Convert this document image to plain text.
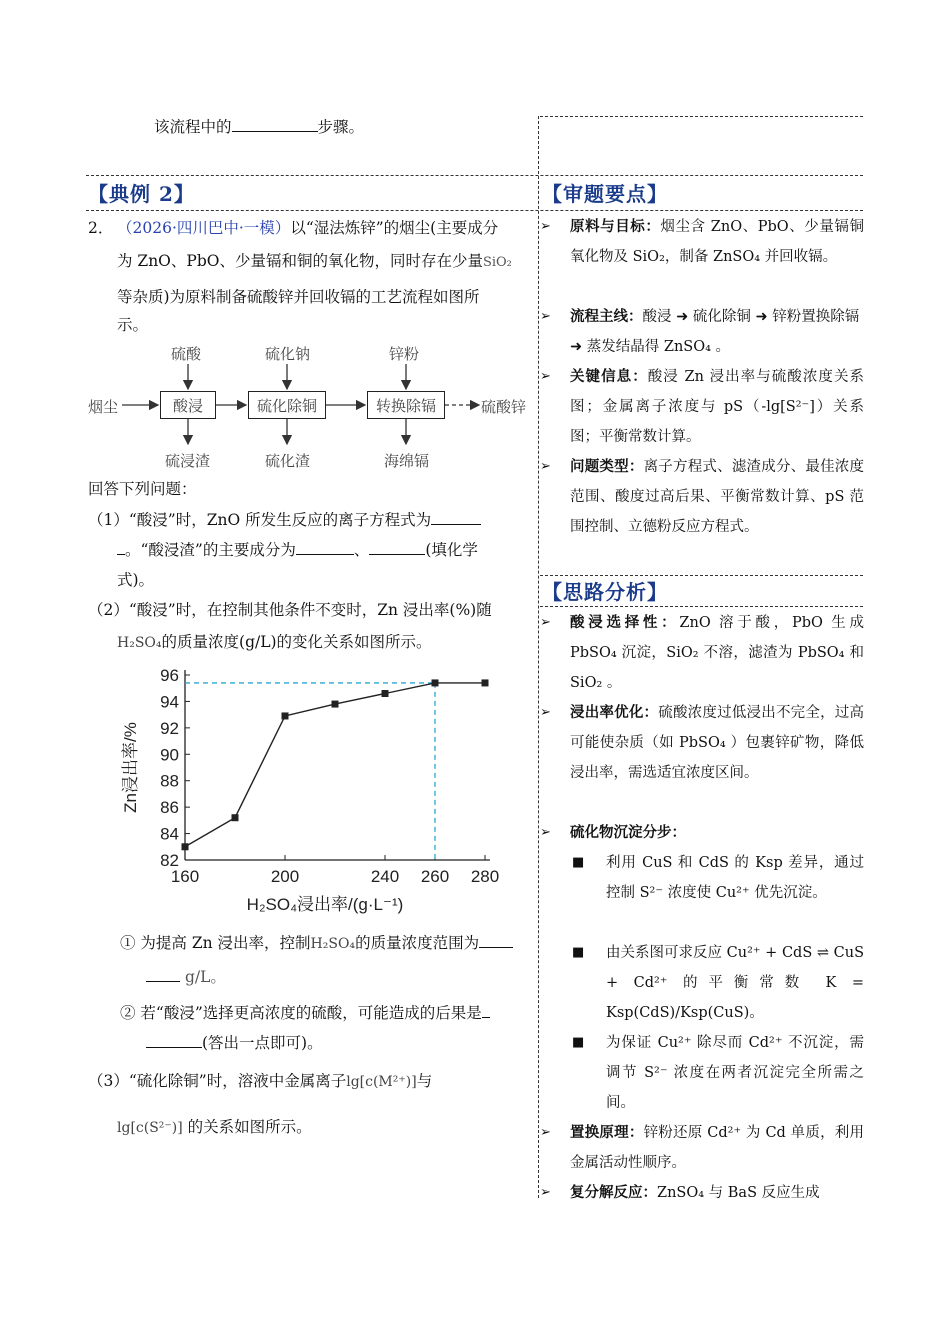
该流程中的	步骤。
【典例 2】	【审题要点】
【思路分析】
2． （2026·四川巴中·一模）以“湿法炼锌”的烟尘(主要成分
为 ZnO、PbO、少量镉和铜的氧化物，同时存在少量SiO₂
等杂质)为原料制备硫酸锌并回收镉的工艺流程如图所
示。
硫酸	硫化钠	锌粉
烟尘	酸浸	硫化除铜	转换除镉	硫酸锌
硫浸渣	硫化渣	海绵镉
回答下列问题：
（1）“酸浸”时，ZnO 所发生反应的离子方程式为
。“酸浸渣”的主要成分为	、	(填化学
式)。
（2）“酸浸”时，在控制其他条件不变时，Zn 浸出率(%)随
H₂SO₄的质量浓度(g/L)的变化关系如图所示。
82
84
86
88
90
92
94
96
160	200	240 260 280
H₂SO₄浸出率/(g·L⁻¹)
Zn浸出率/%
① 为提高 Zn 浸出率，控制H₂SO₄的质量浓度范围为
g/L。
② 若“酸浸”选择更高浓度的硫酸，可能造成的后果是
(答出一点即可)。
（3）“硫化除铜”时，溶液中金属离子lg[c(M²⁺)]与
lg[c(S²⁻)] 的关系如图所示。
➢	原料与目标：烟尘含 ZnO、PbO、少量镉铜氧化物及 SiO₂，制备 ZnSO₄ 并回收镉。
➢	流程主线：酸浸 ➜ 硫化除铜 ➜ 锌粉置换除镉 ➜ 蒸发结晶得 ZnSO₄ 。
➢	关键信息：酸浸 Zn 浸出率与硫酸浓度关系图；金属离子浓度与 pS（-lg[S²⁻]）关系图；平衡常数计算。
➢	问题类型：离子方程式、滤渣成分、最佳浓度范围、酸度过高后果、平衡常数计算、pS 范围控制、立德粉反应方程式。
➢	酸浸选择性：ZnO 溶于酸，PbO 生成 PbSO₄ 沉淀，SiO₂ 不溶，滤渣为 PbSO₄ 和 SiO₂ 。
➢	浸出率优化：硫酸浓度过低浸出不完全，过高可能使杂质（如 PbSO₄ ）包裹锌矿物，降低浸出率，需选适宜浓度区间。
➢	硫化物沉淀分步：
■	利用 CuS 和 CdS 的 Ksp 差异，通过控制 S²⁻ 浓度使 Cu²⁺ 优先沉淀。
■	由关系图可求反应 Cu²⁺ + CdS ⇌ CuS + Cd²⁺ 的平衡常数 K = Ksp(CdS)/Ksp(CuS)。
■	为保证 Cu²⁺ 除尽而 Cd²⁺ 不沉淀，需调节 S²⁻ 浓度在两者沉淀完全所需之间。
➢	置换原理：锌粉还原 Cd²⁺ 为 Cd 单质，利用金属活动性顺序。
➢	复分解反应：ZnSO₄ 与 BaS 反应生成
